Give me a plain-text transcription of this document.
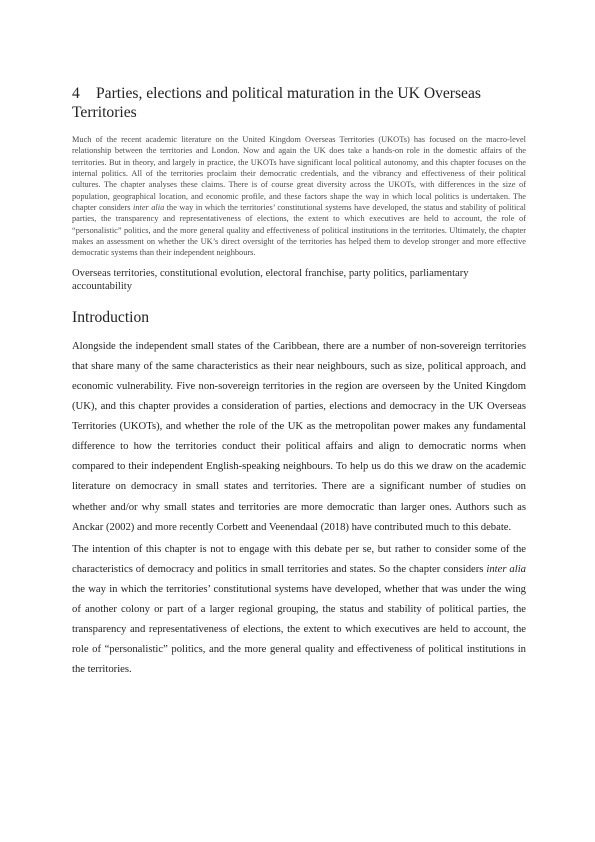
4 Parties, elections and political maturation in the UK Overseas Territories

Much of the recent academic literature on the United Kingdom Overseas Territories (UKOTs) has focused on the macro-level relationship between the territories and London. Now and again the UK does take a hands-on role in the domestic affairs of the territories. But in theory, and largely in practice, the UKOTs have significant local political autonomy, and this chapter focuses on the internal politics. All of the territories proclaim their democratic credentials, and the vibrancy and effectiveness of their political cultures. The chapter analyses these claims. There is of course great diversity across the UKOTs, with differences in the size of population, geographical location, and economic profile, and these factors shape the way in which local politics is undertaken. The chapter considers inter alia the way in which the territories’ constitutional systems have developed, the status and stability of political parties, the transparency and representativeness of elections, the extent to which executives are held to account, the role of “personalistic” politics, and the more general quality and effectiveness of political institutions in the territories. Ultimately, the chapter makes an assessment on whether the UK’s direct oversight of the territories has helped them to develop stronger and more effective democratic systems than their independent neighbours.

Overseas territories, constitutional evolution, electoral franchise, party politics, parliamentary accountability

Introduction

Alongside the independent small states of the Caribbean, there are a number of non-sovereign territories that share many of the same characteristics as their near neighbours, such as size, political approach, and economic vulnerability. Five non-sovereign territories in the region are overseen by the United Kingdom (UK), and this chapter provides a consideration of parties, elections and democracy in the UK Overseas Territories (UKOTs), and whether the role of the UK as the metropolitan power makes any fundamental difference to how the territories conduct their political affairs and align to democratic norms when compared to their independent English-speaking neighbours. To help us do this we draw on the academic literature on democracy in small states and territories. There are a significant number of studies on whether and/or why small states and territories are more democratic than larger ones. Authors such as Anckar (2002) and more recently Corbett and Veenendaal (2018) have contributed much to this debate.

The intention of this chapter is not to engage with this debate per se, but rather to consider some of the characteristics of democracy and politics in small territories and states. So the chapter considers inter alia the way in which the territories’ constitutional systems have developed, whether that was under the wing of another colony or part of a larger regional grouping, the status and stability of political parties, the transparency and representativeness of elections, the extent to which executives are held to account, the role of “personalistic” politics, and the more general quality and effectiveness of political institutions in the territories.
